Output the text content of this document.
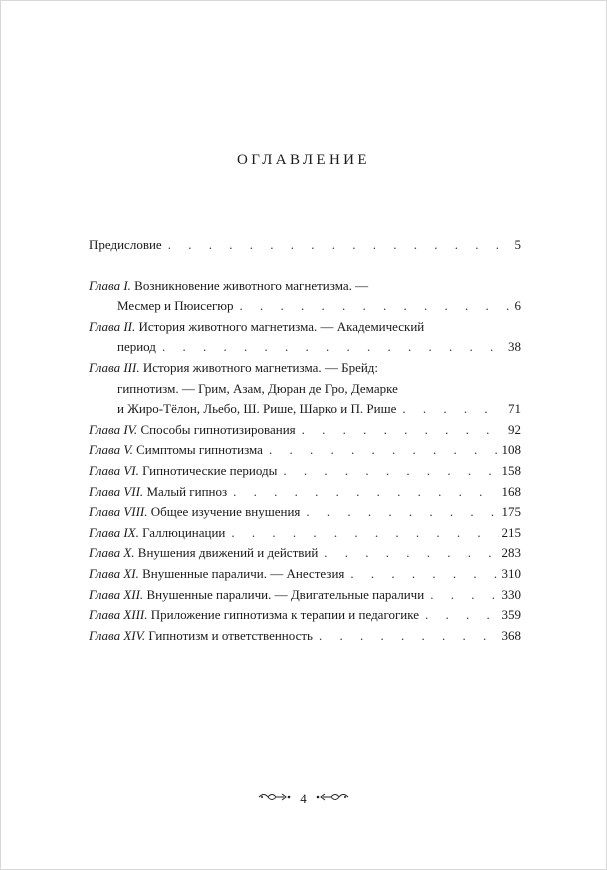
ОГЛАВЛЕНИЕ
Предисловие . . .	5
Глава I. Возникновение животного магнетизма. —
Месмер и Пюисегюр . . .	6
Глава II. История животного магнетизма. — Академический
период . . .	38
Глава III. История животного магнетизма. — Брейд:
гипнотизм. — Грим, Азам, Дюран де Гро, Демарке
и Жиро-Тёлон, Льебо, Ш. Рише, Шарко и П. Рише . . .	71
Глава IV. Способы гипнотизирования . . .	92
Глава V. Симптомы гипнотизма . . .	108
Глава VI. Гипнотические периоды . . .	158
Глава VII. Малый гипноз . . .	168
Глава VIII. Общее изучение внушения . . .	175
Глава IX. Галлюцинации . . .	215
Глава X. Внушения движений и действий . . .	283
Глава XI. Внушенные параличи. — Анестезия . . .	310
Глава XII. Внушенные параличи. — Двигательные параличи . . .	330
Глава XIII. Приложение гипнотизма к терапии и педагогике . . .	359
Глава XIV. Гипнотизм и ответственность . . .	368
4
